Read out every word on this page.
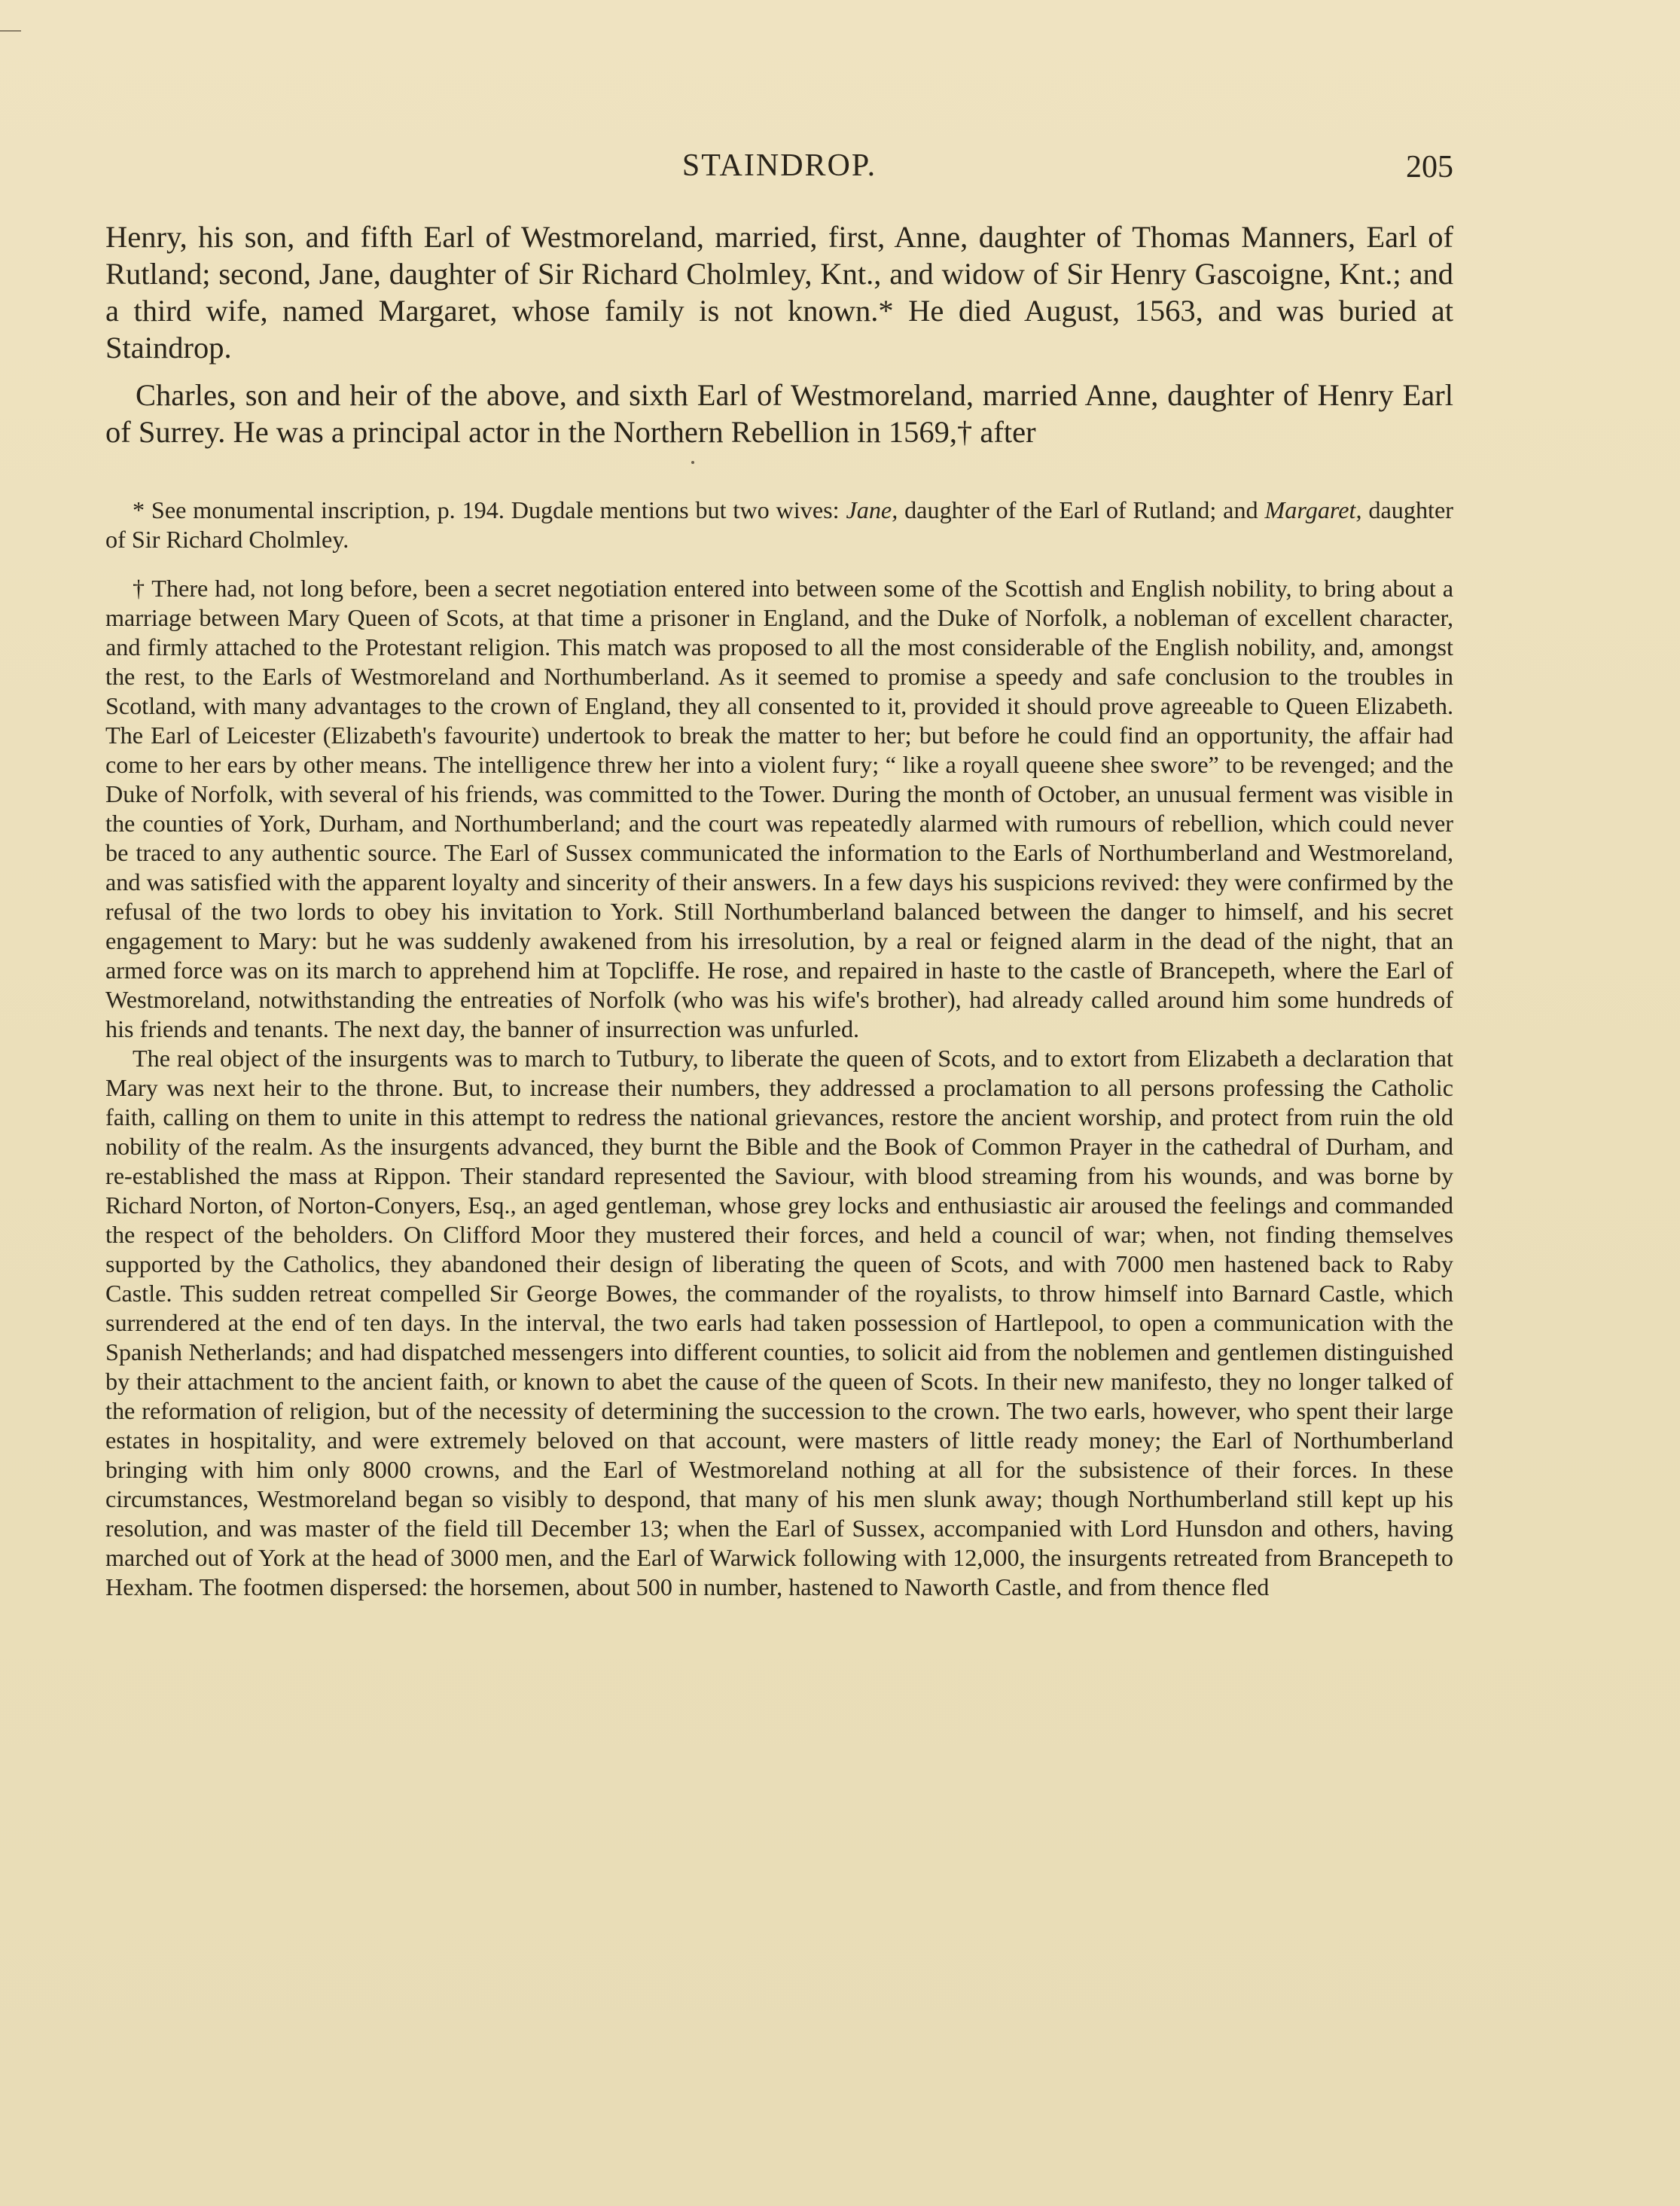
STAINDROP.	205

Henry, his son, and fifth Earl of Westmoreland, married, first, Anne, daughter of Thomas Manners, Earl of Rutland; second, Jane, daughter of Sir Richard Cholmley, Knt., and widow of Sir Henry Gascoigne, Knt.; and a third wife, named Margaret, whose family is not known.* He died August, 1563, and was buried at Staindrop.

Charles, son and heir of the above, and sixth Earl of Westmoreland, married Anne, daughter of Henry Earl of Surrey. He was a principal actor in the Northern Rebellion in 1569,† after

* See monumental inscription, p. 194. Dugdale mentions but two wives: Jane, daughter of the Earl of Rutland; and Margaret, daughter of Sir Richard Cholmley.

† There had, not long before, been a secret negotiation entered into between some of the Scottish and English nobility, to bring about a marriage between Mary Queen of Scots, at that time a prisoner in England, and the Duke of Norfolk, a nobleman of excellent character, and firmly attached to the Protestant religion. This match was proposed to all the most considerable of the English nobility, and, amongst the rest, to the Earls of Westmoreland and Northumberland. As it seemed to promise a speedy and safe conclusion to the troubles in Scotland, with many advantages to the crown of England, they all consented to it, provided it should prove agreeable to Queen Elizabeth. The Earl of Leicester (Elizabeth's favourite) undertook to break the matter to her; but before he could find an opportunity, the affair had come to her ears by other means. The intelligence threw her into a violent fury; “ like a royall queene shee swore” to be revenged; and the Duke of Norfolk, with several of his friends, was committed to the Tower. During the month of October, an unusual ferment was visible in the counties of York, Durham, and Northumberland; and the court was repeatedly alarmed with rumours of rebellion, which could never be traced to any authentic source. The Earl of Sussex communicated the information to the Earls of Northumberland and Westmoreland, and was satisfied with the apparent loyalty and sincerity of their answers. In a few days his suspicions revived: they were confirmed by the refusal of the two lords to obey his invitation to York. Still Northumberland balanced between the danger to himself, and his secret engagement to Mary: but he was suddenly awakened from his irresolution, by a real or feigned alarm in the dead of the night, that an armed force was on its march to apprehend him at Topcliffe. He rose, and repaired in haste to the castle of Brancepeth, where the Earl of Westmoreland, notwithstanding the entreaties of Norfolk (who was his wife's brother), had already called around him some hundreds of his friends and tenants. The next day, the banner of insurrection was unfurled.

The real object of the insurgents was to march to Tutbury, to liberate the queen of Scots, and to extort from Elizabeth a declaration that Mary was next heir to the throne. But, to increase their numbers, they addressed a proclamation to all persons professing the Catholic faith, calling on them to unite in this attempt to redress the national grievances, restore the ancient worship, and protect from ruin the old nobility of the realm. As the insurgents advanced, they burnt the Bible and the Book of Common Prayer in the cathedral of Durham, and re-established the mass at Rippon. Their standard represented the Saviour, with blood streaming from his wounds, and was borne by Richard Norton, of Norton-Conyers, Esq., an aged gentleman, whose grey locks and enthusiastic air aroused the feelings and commanded the respect of the beholders. On Clifford Moor they mustered their forces, and held a council of war; when, not finding themselves supported by the Catholics, they abandoned their design of liberating the queen of Scots, and with 7000 men hastened back to Raby Castle. This sudden retreat compelled Sir George Bowes, the commander of the royalists, to throw himself into Barnard Castle, which surrendered at the end of ten days. In the interval, the two earls had taken possession of Hartlepool, to open a communication with the Spanish Netherlands; and had dispatched messengers into different counties, to solicit aid from the noblemen and gentlemen distinguished by their attachment to the ancient faith, or known to abet the cause of the queen of Scots. In their new manifesto, they no longer talked of the reformation of religion, but of the necessity of determining the succession to the crown. The two earls, however, who spent their large estates in hospitality, and were extremely beloved on that account, were masters of little ready money; the Earl of Northumberland bringing with him only 8000 crowns, and the Earl of Westmoreland nothing at all for the subsistence of their forces. In these circumstances, Westmoreland began so visibly to despond, that many of his men slunk away; though Northumberland still kept up his resolution, and was master of the field till December 13; when the Earl of Sussex, accompanied with Lord Hunsdon and others, having marched out of York at the head of 3000 men, and the Earl of Warwick following with 12,000, the insurgents retreated from Brancepeth to Hexham. The footmen dispersed: the horsemen, about 500 in number, hastened to Naworth Castle, and from thence fled
